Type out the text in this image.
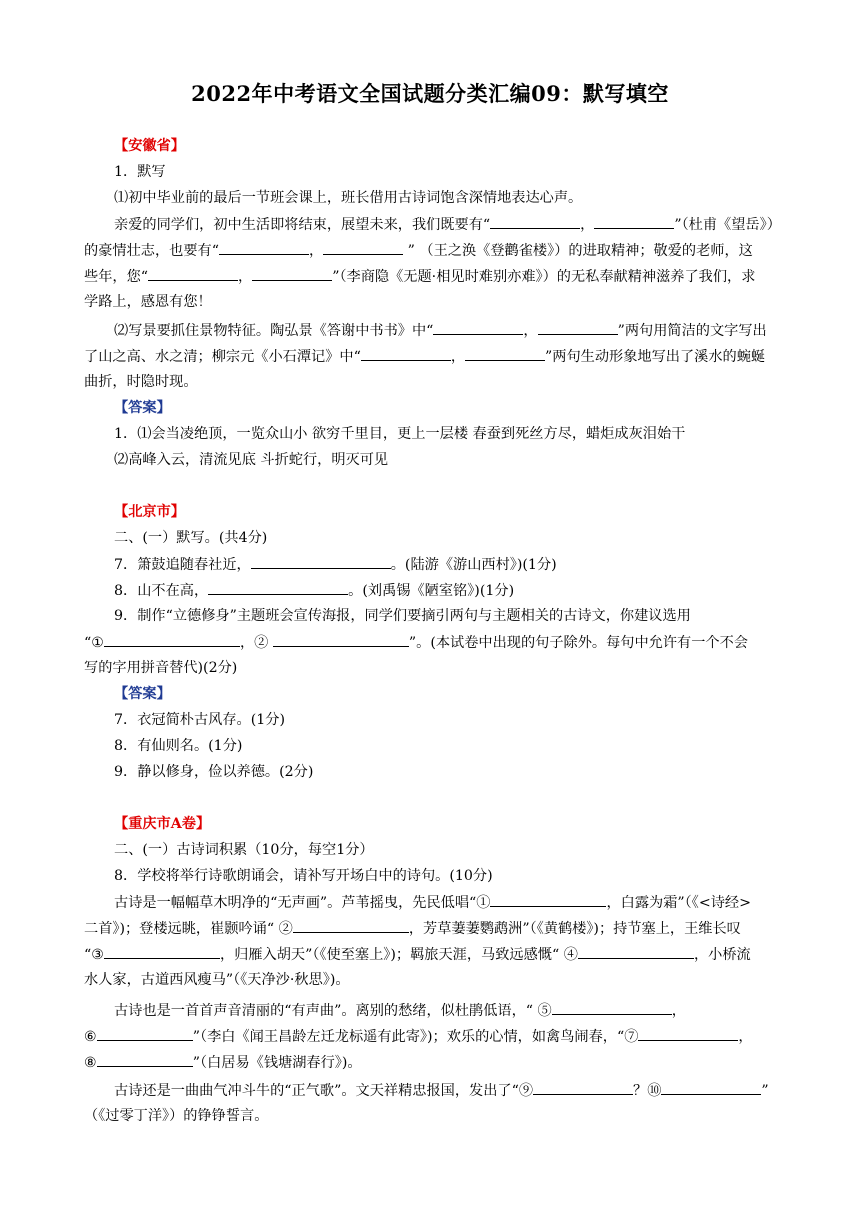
2022年中考语文全国试题分类汇编09：默写填空
【安徽省】
1．默写
⑴初中毕业前的最后一节班会课上，班长借用古诗词饱含深情地表达心声。
亲爱的同学们，初中生活即将结束，展望未来，我们既要有“	，	”（杜甫《望岳》）
的豪情壮志，也要有“	，	” （王之涣《登鹳雀楼》）的进取精神；敬爱的老师，这
些年，您“	，	”（李商隐《无题·相见时难别亦难》）的无私奉献精神滋养了我们，求
学路上，感恩有您！
⑵写景要抓住景物特征。陶弘景《答谢中书书》中“	，	”两句用简洁的文字写出
了山之高、水之清；柳宗元《小石潭记》中“	，	”两句生动形象地写出了溪水的蜿蜒
曲折，时隐时现。
【答案】
1．⑴会当凌绝顶，一览众山小 欲穷千里目，更上一层楼 春蚕到死丝方尽，蜡炬成灰泪始干
⑵高峰入云，清流见底 斗折蛇行，明灭可见
【北京市】
二、(一）默写。(共4分)
7．箫鼓追随春社近，	。(陆游《游山西村》)(1分)
8．山不在高，	。(刘禹锡《陋室铭》)(1分)
9．制作“立德修身”主题班会宣传海报，同学们要摘引两句与主题相关的古诗文，你建议选用
“①	，②	”。(本试卷中出现的句子除外。每句中允许有一个不会
写的字用拼音替代)(2分)
【答案】
7．衣冠简朴古风存。(1分)
8．有仙则名。(1分)
9．静以修身，俭以养德。(2分)
【重庆市A卷】
二、(一）古诗词积累（10分，每空1分）
8．学校将举行诗歌朗诵会，请补写开场白中的诗句。(10分)
古诗是一幅幅草木明净的“无声画”。芦苇摇曳，先民低唱“①	，白露为霜”（《<诗经>
二首》)；登楼远眺，崔颢吟诵“ ②	，芳草萋萋鹦鹉洲”（《黄鹤楼》)；持节塞上，王维长叹
“③	，归雁入胡天”（《使至塞上》)；羁旅天涯，马致远感慨“ ④	，小桥流
水人家，古道西风瘦马”（《天净沙·秋思》)。
古诗也是一首首声音清丽的“有声曲”。离别的愁绪，似杜鹃低语，“ ⑤	，
⑥	”（李白《闻王昌龄左迁龙标遥有此寄》)；欢乐的心情，如禽鸟闹春，“⑦	，
⑧	”（白居易《钱塘湖春行》)。
古诗还是一曲曲气冲斗牛的“正气歌”。文天祥精忠报国，发出了“⑨	？⑩	”
（《过零丁洋》）的铮铮誓言。
